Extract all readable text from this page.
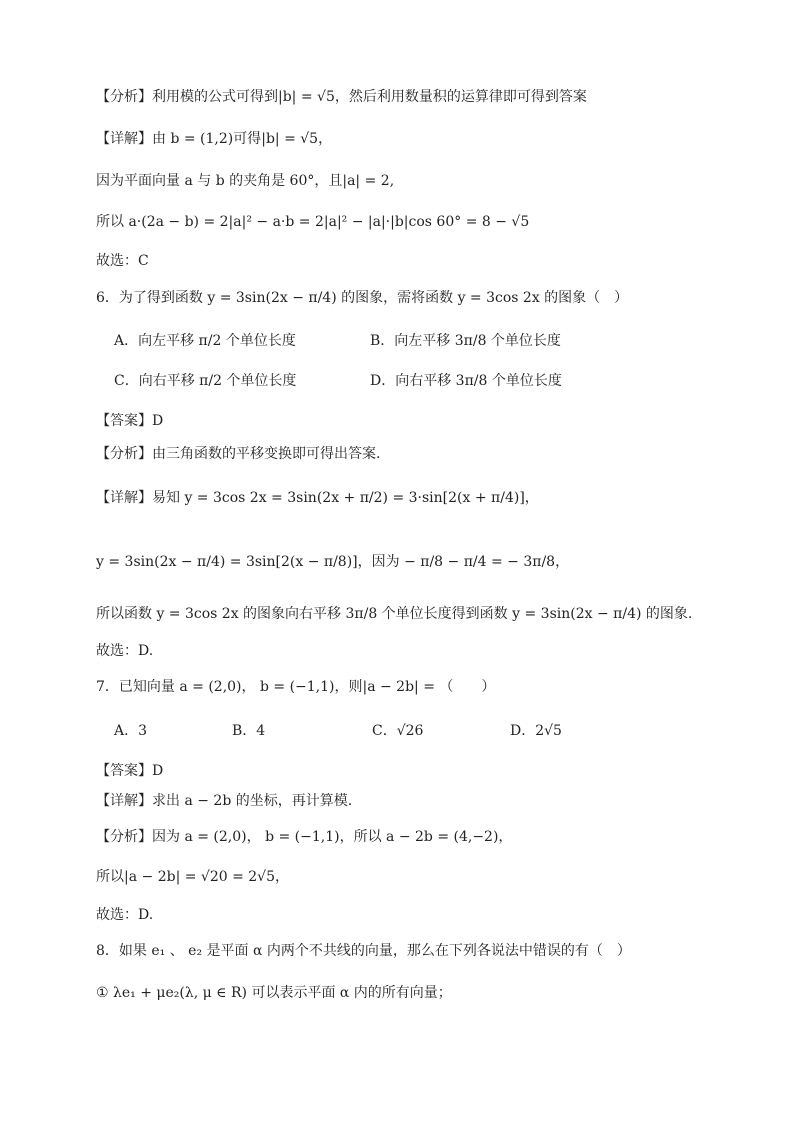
【分析】利用模的公式可得到|b| = √5，然后利用数量积的运算律即可得到答案
【详解】由 b = (1,2)可得|b| = √5，
因为平面向量 a 与 b 的夹角是 60°，且|a| = 2,
所以 a·(2a − b) = 2|a|² − a·b = 2|a|² − |a|·|b|cos 60° = 8 − √5
故选：C
6．为了得到函数 y = 3sin(2x − π/4) 的图象，需将函数 y = 3cos 2x 的图象（　）
A．向左平移 π/2 个单位长度	B．向左平移 3π/8 个单位长度
C．向右平移 π/2 个单位长度	D．向右平移 3π/8 个单位长度
【答案】D
【分析】由三角函数的平移变换即可得出答案.
【详解】易知 y = 3cos 2x = 3sin(2x + π/2) = 3·sin[2(x + π/4)]，
y = 3sin(2x − π/4) = 3sin[2(x − π/8)]，因为 − π/8 − π/4 = − 3π/8，
所以函数 y = 3cos 2x 的图象向右平移 3π/8 个单位长度得到函数 y = 3sin(2x − π/4) 的图象.
故选：D.
7．已知向量 a = (2,0)， b = (−1,1)，则|a − 2b| = （　　）
A．3	B．4	C．√26	D．2√5
【答案】D
【详解】求出 a − 2b 的坐标，再计算模.
【分析】因为 a = (2,0)， b = (−1,1)，所以 a − 2b = (4,−2)，
所以|a − 2b| = √20 = 2√5，
故选：D.
8．如果 e₁ 、 e₂ 是平面 α 内两个不共线的向量，那么在下列各说法中错误的有（　）
① λe₁ + μe₂(λ, μ ∈ R) 可以表示平面 α 内的所有向量；
